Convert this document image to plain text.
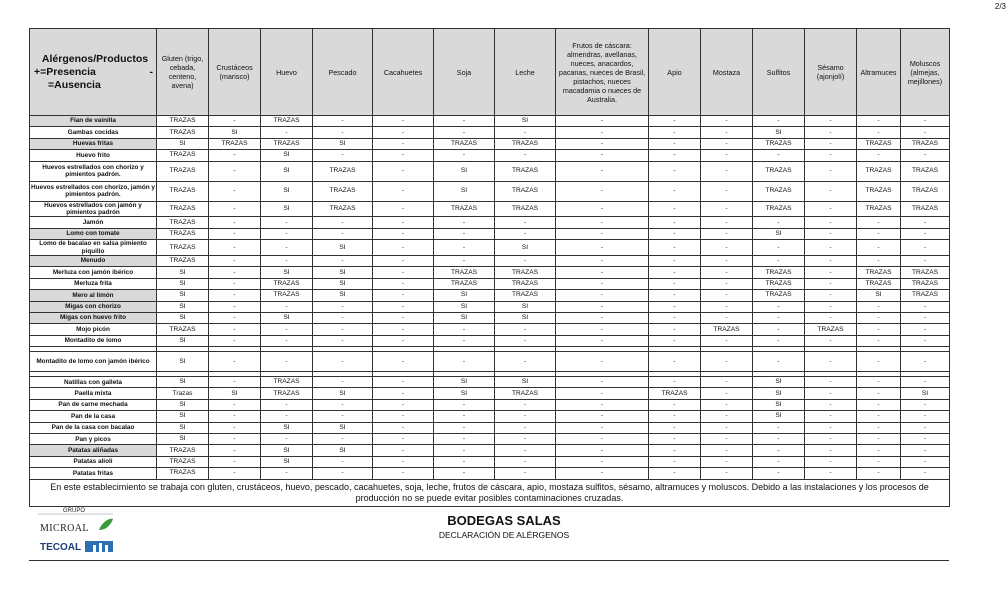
2/3
Alérgenos/Productos
+=Presencia -
=Ausencia	Gluten (trigo, cebada, centeno, avena)	Crustáceos (marisco)	Huevo	Pescado	Cacahuetes	Soja	Leche	Frutos de cáscara: almendras, avellanas, nueces, anacardos, pacanas, nueces de Brasil, pistachos, nueces macadamia o nueces de Australia.	Apio	Mostaza	Sulfitos	Sésamo (ajonjolí)	Altramuces	Moluscos (almejas, mejillones)
Flan de vainilla	TRAZAS	-	TRAZAS	-	-	-	SI	-	-	-	-	-	-	-
Gambas cocidas	TRAZAS	SI	-	-	-	-	-	-	-	-	SI	-	-	-
Huevas fritas	SI	TRAZAS	TRAZAS	SI	-	TRAZAS	TRAZAS	-	-	-	TRAZAS	-	TRAZAS	TRAZAS
Huevo frito	TRAZAS	-	SI	-	-	-	-	-	-	-	-	-	-	-
Huevos estrellados con chorizo y pimientos padrón.	TRAZAS	-	SI	TRAZAS	-	SI	TRAZAS	-	-	-	TRAZAS	-	TRAZAS	TRAZAS
Huevos estrellados con chorizo, jamón y pimientos padrón.	TRAZAS	-	SI	TRAZAS	-	SI	TRAZAS	-	-	-	TRAZAS	-	TRAZAS	TRAZAS
Huevos estrellados con jamón y pimientos padrón	TRAZAS	-	SI	TRAZAS	-	TRAZAS	TRAZAS	-	-	-	TRAZAS	-	TRAZAS	TRAZAS
Jamón	TRAZAS	-	-	-	-	-	-	-	-	-	-	-	-	-
Lomo con tomate	TRAZAS	-	-	-	-	-	-	-	-	-	SI	-	-	-
Lomo de bacalao en salsa pimiento piquillo	TRAZAS	-	-	SI	-	-	SI	-	-	-	-	-	-	-
Menudo	TRAZAS	-	-	-	-	-	-	-	-	-	-	-	-	-
Merluza con jamón ibérico	SI	-	SI	SI	-	TRAZAS	TRAZAS	-	-	-	TRAZAS	-	TRAZAS	TRAZAS
Merluza frita	SI	-	TRAZAS	SI	-	TRAZAS	TRAZAS	-	-	-	TRAZAS	-	TRAZAS	TRAZAS
Mero al limón	SI	-	TRAZAS	SI	-	SI	TRAZAS	-	-	-	TRAZAS	-	SI	TRAZAS
Migas con chorizo	SI	-	-	-	-	SI	SI	-	-	-	-	-	-	-
Migas con huevo frito	SI	-	SI	-	-	SI	SI	-	-	-	-	-	-	-
Mojo picón	TRAZAS	-	-	-	-	-	-	-	-	TRAZAS	-	TRAZAS	-	-
Montadito de lomo	SI	-	-	-	-	-	-	-	-	-	-	-	-	-

Montadito de lomo con jamón ibérico	SI	-	-	-	-	-	-	-	-	-	-	-	-	-

Natillas con galleta	SI	-	TRAZAS	-	-	SI	SI	-	-	-	SI	-	-	-
Paella mixta	Trazas	SI	TRAZAS	SI	-	SI	TRAZAS	-	TRAZAS	-	SI	-	-	SI
Pan de carne mechada	SI	-	-	-	-	-	-	-	-	-	SI	-	-	-
Pan de la casa	SI	-	-	-	-	-	-	-	-	-	SI	-	-	-
Pan de la casa con bacalao	SI	-	SI	SI	-	-	-	-	-	-	-	-	-	-
Pan y picos	SI	-	-	-	-	-	-	-	-	-	-	-	-	-
Patatas aliñadas	TRAZAS	-	SI	SI	-	-	-	-	-	-	-	-	-	-
Patatas alioli	TRAZAS	-	SI	-	-	-	-	-	-	-	-	-	-	-
Patatas fritas	TRAZAS	-	-	-	-	-	-	-	-	-	-	-	-	-
En este establecimiento se trabaja con gluten, crustáceos, huevo, pescado, cacahuetes, soja, leche, frutos de cáscara, apio, mostaza sulfitos, sésamo, altramuces y moluscos. Debido a las instalaciones y los procesos de producción no se puede evitar posibles contaminaciones cruzadas.														
GRUPO
MICROAL
TECOAL
BODEGAS SALAS
DECLARACIÓN DE ALÉRGENOS
